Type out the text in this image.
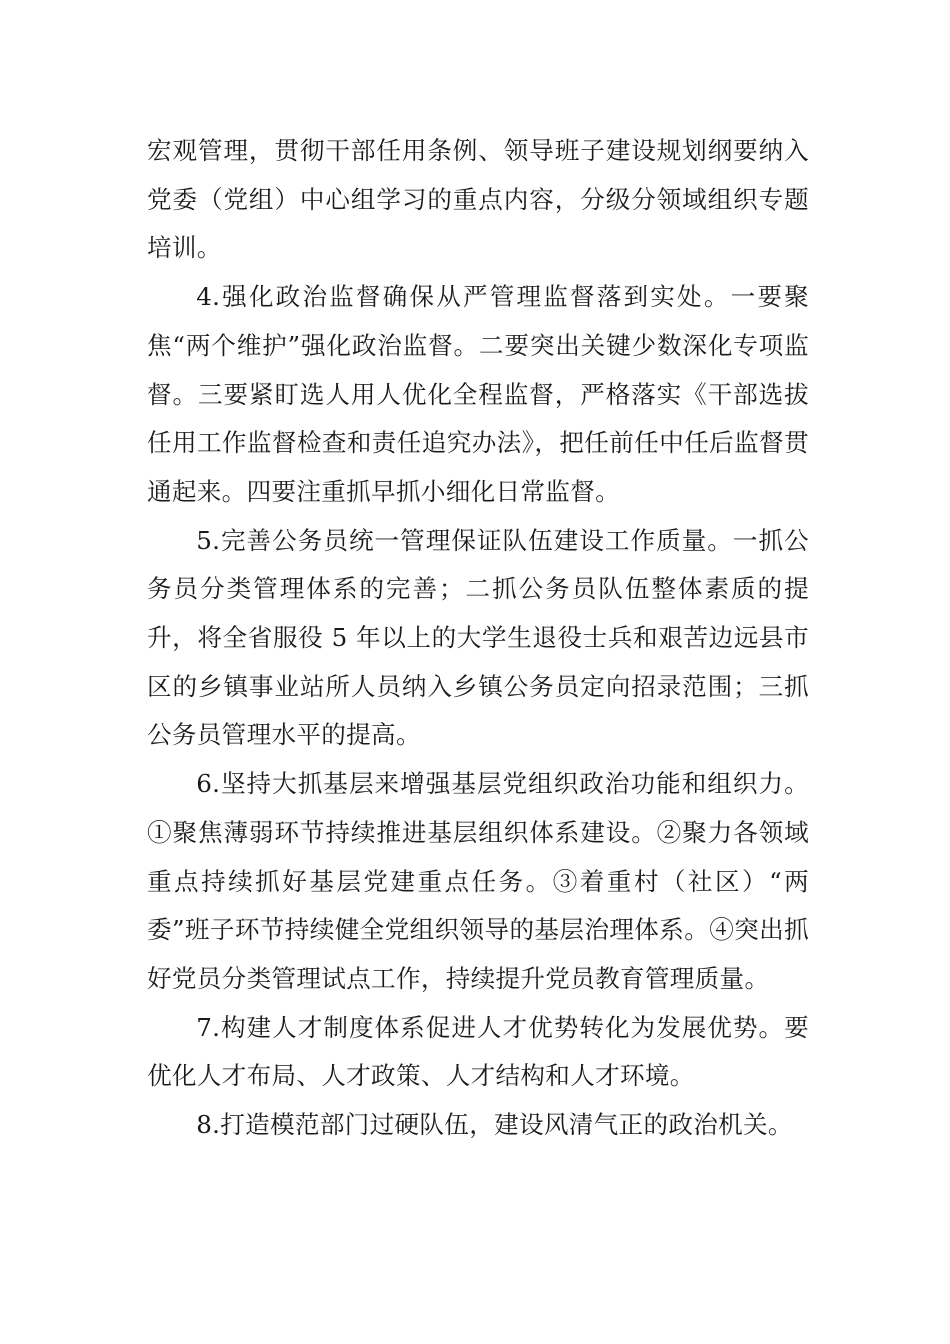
宏观管理，贯彻干部任用条例、领导班子建设规划纲要纳入党委（党组）中心组学习的重点内容，分级分领域组织专题培训。

4.强化政治监督确保从严管理监督落到实处。一要聚焦“两个维护”强化政治监督。二要突出关键少数深化专项监督。三要紧盯选人用人优化全程监督，严格落实《干部选拔任用工作监督检查和责任追究办法》，把任前任中任后监督贯通起来。四要注重抓早抓小细化日常监督。

5.完善公务员统一管理保证队伍建设工作质量。一抓公务员分类管理体系的完善；二抓公务员队伍整体素质的提升，将全省服役 5 年以上的大学生退役士兵和艰苦边远县市区的乡镇事业站所人员纳入乡镇公务员定向招录范围；三抓公务员管理水平的提高。

6.坚持大抓基层来增强基层党组织政治功能和组织力。①聚焦薄弱环节持续推进基层组织体系建设。②聚力各领域重点持续抓好基层党建重点任务。③着重村（社区）“两委”班子环节持续健全党组织领导的基层治理体系。④突出抓好党员分类管理试点工作，持续提升党员教育管理质量。

7.构建人才制度体系促进人才优势转化为发展优势。要优化人才布局、人才政策、人才结构和人才环境。

8.打造模范部门过硬队伍，建设风清气正的政治机关。
